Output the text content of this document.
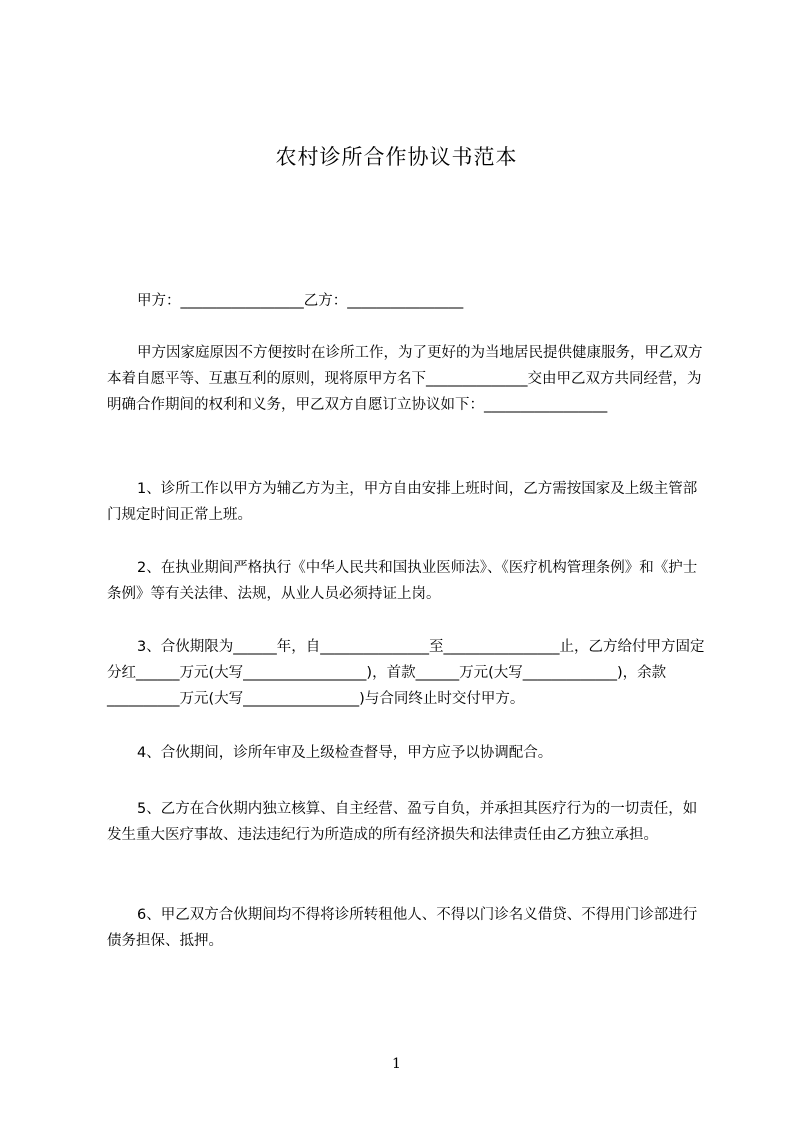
农村诊所合作协议书范本

甲方：_________________乙方：________________

甲方因家庭原因不方便按时在诊所工作，为了更好的为当地居民提供健康服务，甲乙双方本着自愿平等、互惠互利的原则，现将原甲方名下______________交由甲乙双方共同经营，为明确合作期间的权利和义务，甲乙双方自愿订立协议如下：_________________

1、诊所工作以甲方为辅乙方为主，甲方自由安排上班时间，乙方需按国家及上级主管部门规定时间正常上班。

2、在执业期间严格执行《中华人民共和国执业医师法》、《医疗机构管理条例》和《护士条例》等有关法律、法规，从业人员必须持证上岗。

3、合伙期限为______年，自_______________至________________止，乙方给付甲方固定分红______万元(大写_________________)，首款______万元(大写_____________)，余款__________万元(大写________________)与合同终止时交付甲方。

4、合伙期间，诊所年审及上级检查督导，甲方应予以协调配合。

5、乙方在合伙期内独立核算、自主经营、盈亏自负，并承担其医疗行为的一切责任，如发生重大医疗事故、违法违纪行为所造成的所有经济损失和法律责任由乙方独立承担。

6、甲乙双方合伙期间均不得将诊所转租他人、不得以门诊名义借贷、不得用门诊部进行债务担保、抵押。

1
